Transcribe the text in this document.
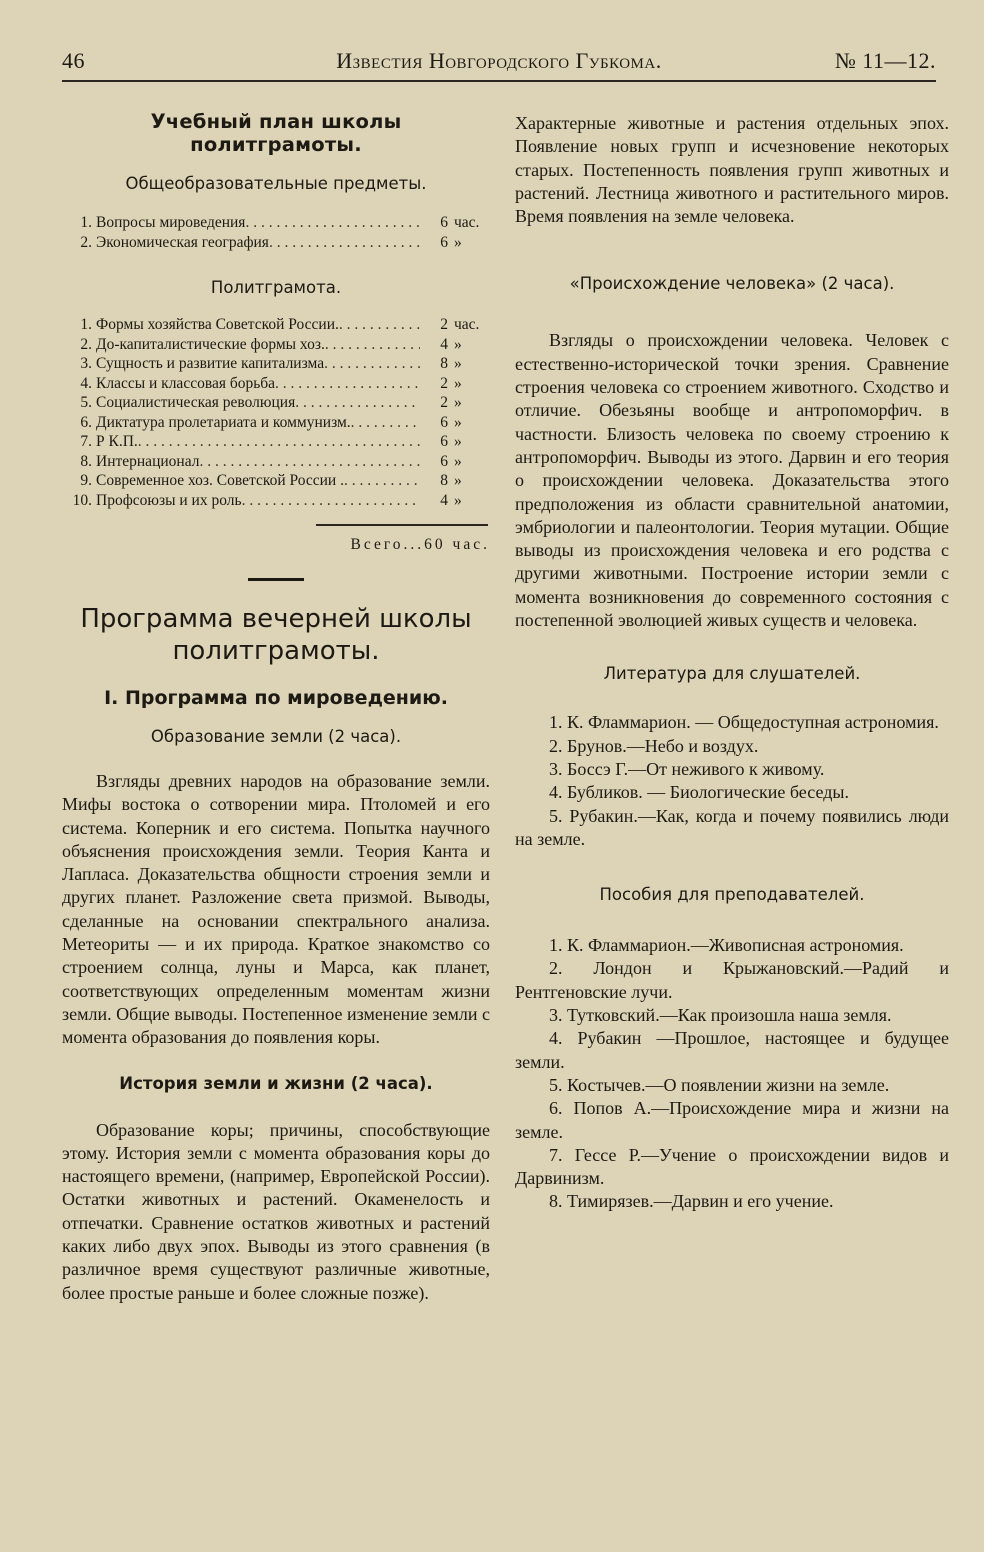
46	Известия Новгородского Губкома.	№ 11—12.
Учебный план школы политграмоты.
Общеобразовательные предметы.
1. Вопросы мироведения . . .	6 час.
2. Экономическая география . . .	6 »
Политграмота.
1. Формы хозяйства Советской России. . . .	2 час.
2. До-капиталистические формы хоз. . . .	4 »
3. Сущность и развитие капитализма . . .	8 »
4. Классы и классовая борьба . . .	2 »
5. Социалистическая революция . . .	2 »
6. Диктатура пролетариата и коммунизм. . . .	6 »
7. Р К.П. . . .	6 »
8. Интернационал . . .	6 »
9. Современное хоз. Советской России . . . .	8 »
10. Профсоюзы и их роль . . .	4 »
Всего...60 час.
Программа вечерней школы
политграмоты.
I. Программа по мироведению.
Образование земли (2 часа).

Взгляды древних народов на образование земли. Мифы востока о сотворении мира. Птоломей и его система. Коперник и его система. Попытка научного объяснения происхождения земли. Теория Канта и Лапласа. Доказательства общности строения земли и других планет. Разложение света призмой. Выводы, сделанные на основании спектрального анализа. Метеориты — и их природа. Краткое знакомство со строением солнца, луны и Марса, как планет, соответствующих определенным моментам жизни земли. Общие выводы. Постепенное изменение земли с момента образования до появления коры.

История земли и жизни (2 часа).

Образование коры; причины, способствующие этому. История земли с момента образования коры до настоящего времени, (например, Европейской России). Остатки животных и растений. Окаменелость и отпечатки. Сравнение остатков животных и растений каких либо двух эпох. Выводы из этого сравнения (в различное время существуют различные животные, более простые раньше и более сложные позже).

Характерные животные и растения отдельных эпох. Появление новых групп и исчезновение некоторых старых. Постепенность появления групп животных и растений. Лестница животного и растительного миров. Время появления на земле человека.

«Происхождение человека» (2 часа).

Взгляды о происхождении человека. Человек с естественно-исторической точки зрения. Сравнение строения человека со строением животного. Сходство и отличие. Обезьяны вообще и антропоморфич. в частности. Близость человека по своему строению к антропоморфич. Выводы из этого. Дарвин и его теория о происхождении человека. Доказательства этого предположения из области сравнительной анатомии, эмбриологии и палеонтологии. Теория мутации. Общие выводы из происхождения человека и его родства с другими животными. Построение истории земли с момента возникновения до современного состояния с постепенной эволюцией живых существ и человека.

Литература для слушателей.

1. К. Фламмарион. — Общедоступная астрономия.

2. Брунов.—Небо и воздух.

3. Боссэ Г.—От неживого к живому.

4. Бубликов. — Биологические беседы.

5. Рубакин.—Как, когда и почему появились люди на земле.

Пособия для преподавателей.

1. К. Фламмарион.—Живописная астрономия.

2. Лондон и Крыжановский.—Радий и Рентгеновские лучи.

3. Тутковский.—Как произошла наша земля.

4. Рубакин —Прошлое, настоящее и будущее земли.

5. Костычев.—О появлении жизни на земле.

6. Попов А.—Происхождение мира и жизни на земле.

7. Гессе Р.—Учение о происхождении видов и Дарвинизм.

8. Тимирязев.—Дарвин и его учение.
